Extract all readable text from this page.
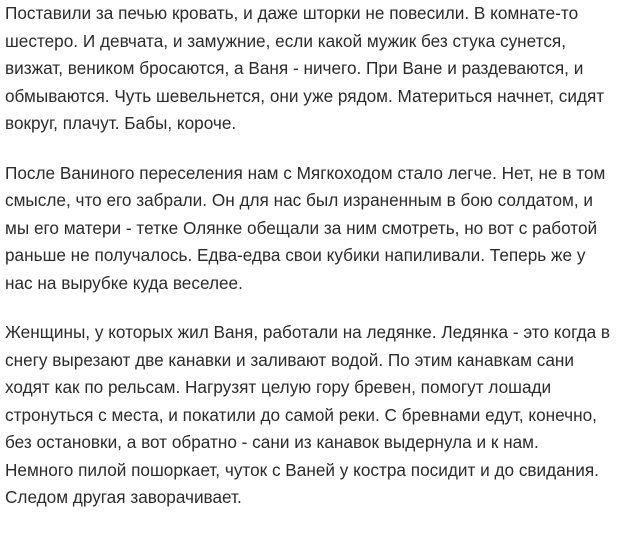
Поставили за печью кровать, и даже шторки не повесили. В комнате-то
шестеро. И девчата, и замужние, если какой мужик без стука сунется,
визжат, веником бросаются, а Ваня - ничего. При Ване и раздеваются, и
обмываются. Чуть шевельнется, они уже рядом. Материться начнет, сидят
вокруг, плачут. Бабы, короче.

После Ваниного переселения нам с Мягкоходом стало легче. Нет, не в том
смысле, что его забрали. Он для нас был израненным в бою солдатом, и
мы его матери - тетке Олянке обещали за ним смотреть, но вот с работой
раньше не получалось. Едва-едва свои кубики напиливали. Теперь же у
нас на вырубке куда веселее.

Женщины, у которых жил Ваня, работали на ледянке. Ледянка - это когда в
снегу вырезают две канавки и заливают водой. По этим канавкам сани
ходят как по рельсам. Нагрузят целую гору бревен, помогут лошади
стронуться с места, и покатили до самой реки. С бревнами едут, конечно,
без остановки, а вот обратно - сани из канавок выдернула и к нам.
Немного пилой пошоркает, чуток с Ваней у костра посидит и до свидания.
Следом другая заворачивает.
